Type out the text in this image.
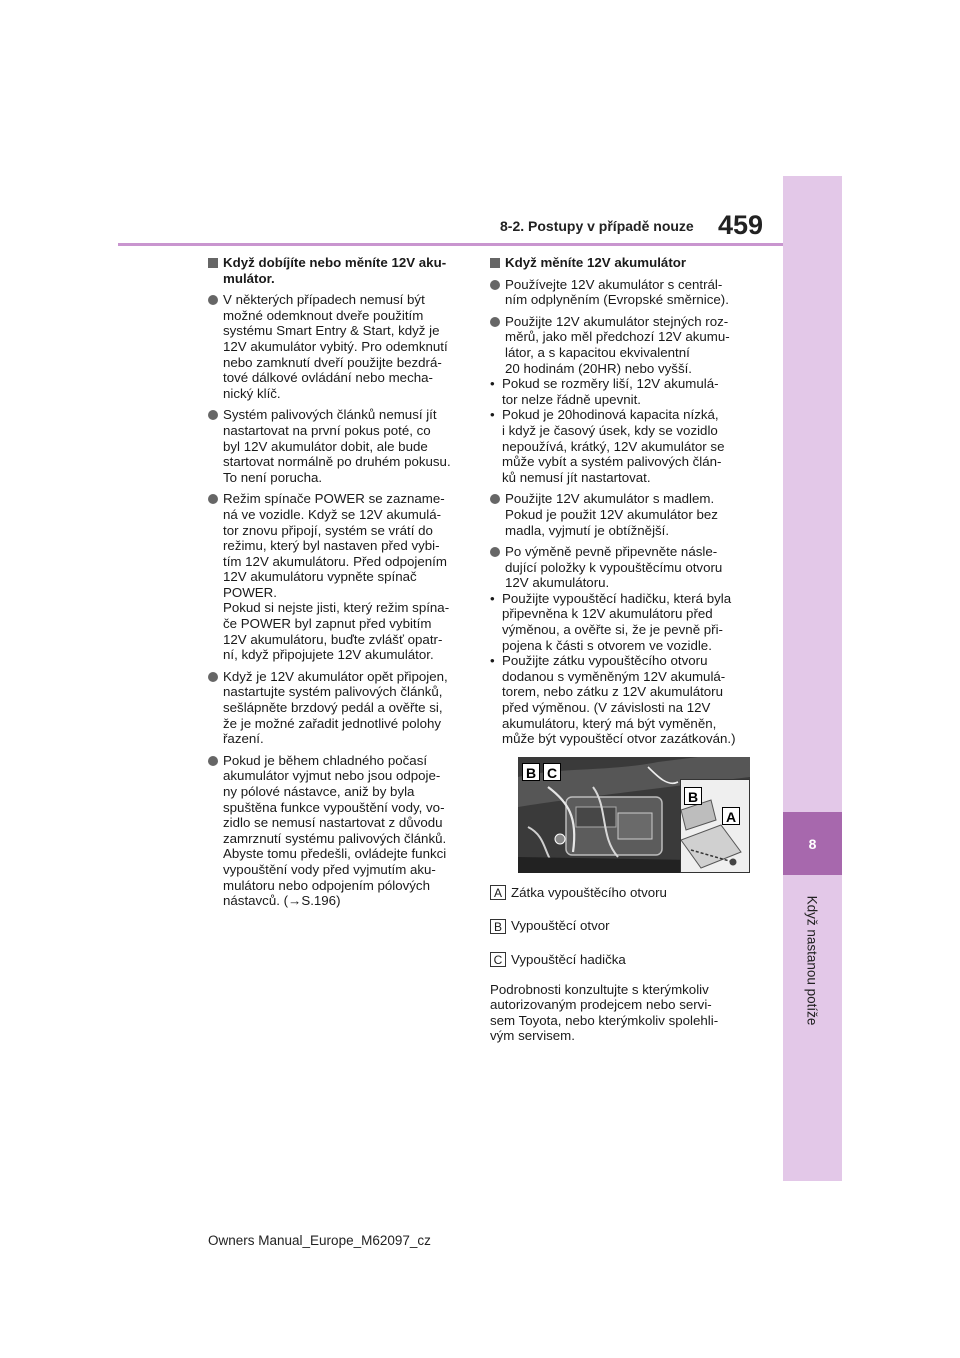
8
Když nastanou potíže
8-2. Postupy v případě nouze 459
Když dobíjíte nebo měníte 12V aku-
mulátor.
V některých případech nemusí být
možné odemknout dveře použitím
systému Smart Entry & Start, když je
12V akumulátor vybitý. Pro odemknutí
nebo zamknutí dveří použijte bezdrá-
tové dálkové ovládání nebo mecha-
nický klíč.
Systém palivových článků nemusí jít
nastartovat na první pokus poté, co
byl 12V akumulátor dobit, ale bude
startovat normálně po druhém pokusu.
To není porucha.
Režim spínače POWER se zazname-
ná ve vozidle. Když se 12V akumulá-
tor znovu připojí, systém se vrátí do
režimu, který byl nastaven před vybi-
tím 12V akumulátoru. Před odpojením
12V akumulátoru vypněte spínač
POWER.
Pokud si nejste jisti, který režim spína-
če POWER byl zapnut před vybitím
12V akumulátoru, buďte zvlášť opatr-
ní, když připojujete 12V akumulátor.
Když je 12V akumulátor opět připojen,
nastartujte systém palivových článků,
sešlápněte brzdový pedál a ověřte si,
že je možné zařadit jednotlivé polohy
řazení.
Pokud je během chladného počasí
akumulátor vyjmut nebo jsou odpoje-
ny pólové nástavce, aniž by byla
spuštěna funkce vypouštění vody, vo-
zidlo se nemusí nastartovat z důvodu
zamrznutí systému palivových článků.
Abyste tomu předešli, ovládejte funkci
vypouštění vody před vyjmutím aku-
mulátoru nebo odpojením pólových
nástavců. (→S.196)
Když měníte 12V akumulátor
Používejte 12V akumulátor s centrál-
ním odplyněním (Evropské směrnice).
Použijte 12V akumulátor stejných roz-
měrů, jako měl předchozí 12V akumu-
látor, a s kapacitou ekvivalentní
20 hodinám (20HR) nebo vyšší.
• Pokud se rozměry liší, 12V akumulá-
tor nelze řádně upevnit.
• Pokud je 20hodinová kapacita nízká,
i když je časový úsek, kdy se vozidlo
nepoužívá, krátký, 12V akumulátor se
může vybít a systém palivových člán-
ků nemusí jít nastartovat.
Použijte 12V akumulátor s madlem.
Pokud je použit 12V akumulátor bez
madla, vyjmutí je obtížnější.
Po výměně pevně připevněte násle-
dující položky k vypouštěcímu otvoru
12V akumulátoru.
• Použijte vypouštěcí hadičku, která byla
připevněna k 12V akumulátoru před
výměnou, a ověřte si, že je pevně při-
pojena k části s otvorem ve vozidle.
• Použijte zátku vypouštěcího otvoru
dodanou s vyměněným 12V akumulá-
torem, nebo zátku z 12V akumulátoru
před výměnou. (V závislosti na 12V
akumulátoru, který má být vyměněn,
může být vypouštěcí otvor zazátkován.)
B C
B
A
A Zátka vypouštěcího otvoru
B Vypouštěcí otvor
C Vypouštěcí hadička
Podrobnosti konzultujte s kterýmkoliv
autorizovaným prodejcem nebo servi-
sem Toyota, nebo kterýmkoliv spolehli-
vým servisem.
Owners Manual_Europe_M62097_cz
